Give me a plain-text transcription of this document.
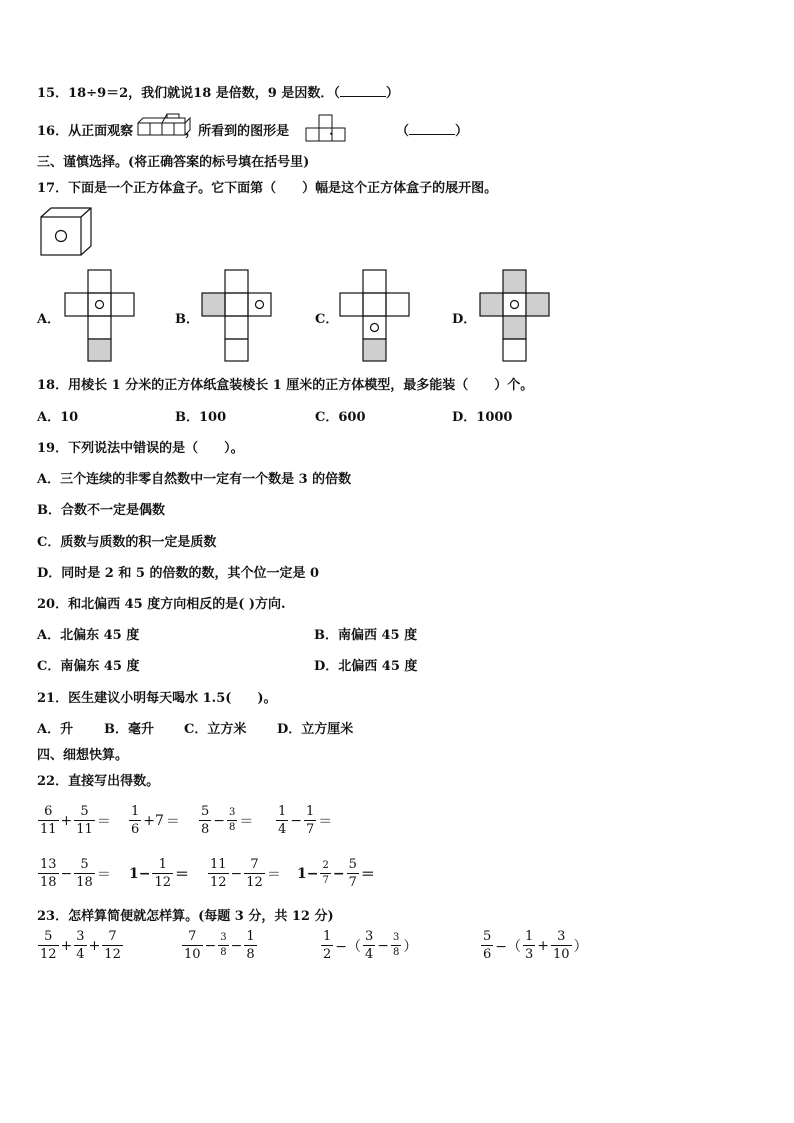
15．18÷9＝2，我们就说18 是倍数，9 是因数．（	）
16．从正面观察	，所看到的图形是	.	（	）
三、谨慎选择。(将正确答案的标号填在括号里)
17．下面是一个正方体盒子。它下面第（　　）幅是这个正方体盒子的展开图。
A．	B．	C．	D．
18．用棱长 1 分米的正方体纸盒装棱长 1 厘米的正方体模型，最多能装（　　）个。
A．10	B．100	C．600	D．1000
19．下列说法中错误的是（　　）。
A．三个连续的非零自然数中一定有一个数是 3 的倍数
B．合数不一定是偶数
C．质数与质数的积一定是质数
D．同时是 2 和 5 的倍数的数，其个位一定是 0
20．和北偏西 45 度方向相反的是( )方向.
A．北偏东 45 度	B．南偏西 45 度
C．南偏东 45 度	D．北偏西 45 度
21．医生建议小明每天喝水 1.5(　　)。
A．升 B．毫升 C．立方米 D．立方厘米
四、细想快算。
22．直接写出得数。
$\frac{6}{11} + \frac{5}{11} = \frac{1}{6} +7 = \frac{5}{8} - \frac{3}{8} = \frac{1}{4} - \frac{1}{7}$ ＝
$\frac{13}{18} - \frac{5}{18} = 1- \frac{1}{12} = \frac{11}{12} - \frac{7}{12} = 1- \frac{2}{7} - \frac{5}{7}$ ＝
23．怎样算简便就怎样算。(每题 3 分，共 12 分)
$\frac{5}{12} + \frac{3}{4} + \frac{7}{12}$	$\frac{7}{10} - \frac{3}{8} - \frac{1}{8}$	$\frac{1}{2}$ −（ $\frac{3}{4} - \frac{3}{8}$ ）	$\frac{5}{6}$ −（ $\frac{1}{3} + \frac{3}{10}$ ）
